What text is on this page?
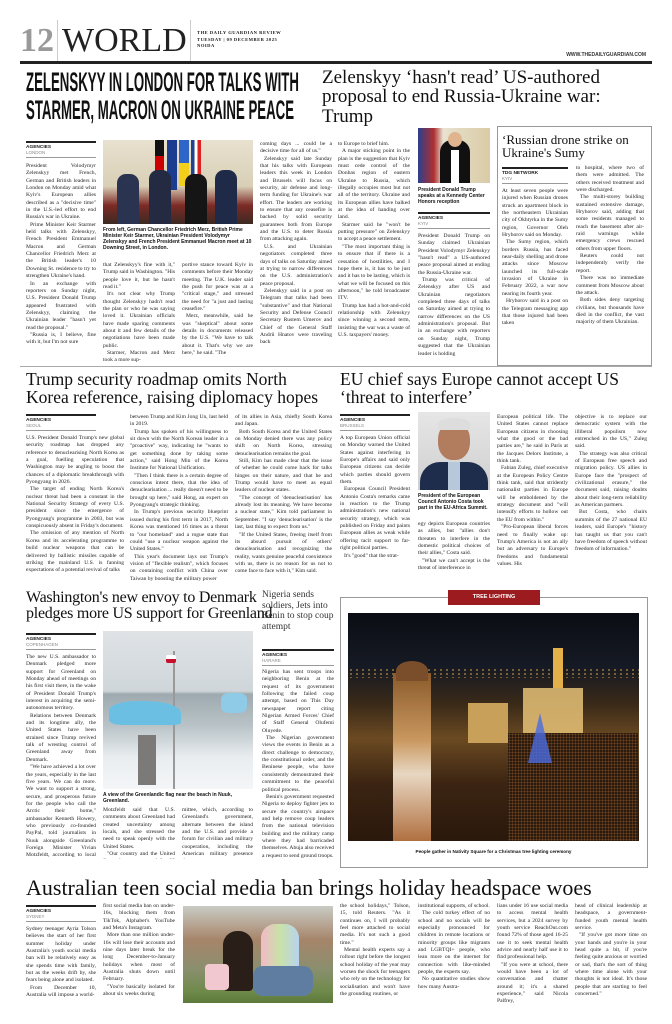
12 WORLD THE DAILY GUARDIAN REVIEW
TUESDAY | 09 DECEMBER 2025
NOIDA
WWW.THEDAILYGUARDIAN.COM
ZELENSKYY IN LONDON FOR TALKS WITH
STARMER, MACRON ON UKRAINE PEACE
AGENCIES
LONDON

President Volodymyr Zelenskyy met French, German and British leaders in London on Monday amid what Kyiv's European allies described as a "decisive time" in the U.S.-led effort to end Russia's war in Ukraine.

Prime Minister Keir Starmer held talks with Zelenskyy, French President Emmanuel Macron and German Chancellor Friedrich Merz at the British leader's 10 Downing St. residence to try to strengthen Ukraine's hand.

In an exchange with reporters on Sunday night, U.S. President Donald Trump appeared frustrated with Zelenskyy, claiming the Ukrainian leader "hasn't yet read the proposal."

"Russia is, I believe, fine with it, but I'm not sure

From left, German Chancellor Friedrich Merz, British Prime Minister Keir Starmer, Ukrainian President Volodymyr Zelenskyy and French President Emmanuel Macron meet at 10 Downing Street, in London.

that Zelenskyy's fine with it," Trump said in Washington. "His people love it, but he hasn't read it."

It's not clear why Trump thought Zelenskyy hadn't read the plan or who he was saying loved it. Ukrainian officials have made sparing comments about it and few details of the negotiations have been made public.

Starmer, Macron and Merz took a more sup-

portive stance toward Kyiv in comments before their Monday meeting. The U.K. leader said the push for peace was at a "critical stage," and stressed the need for "a just and lasting ceasefire."

Merz, meanwhile, said he was "skeptical" about some details in documents released by the U.S. "We have to talk about it. That's why we are here," he said. "The

coming days ... could be a decisive time for all of us."

Zelenskyy said late Sunday that his talks with European leaders this week in London and Brussels will focus on security, air defense and long-term funding for Ukraine's war effort. The leaders are working to ensure that any ceasefire is backed by solid security guarantees both from Europe and the U.S. to deter Russia from attacking again.

U.S. and Ukrainian negotiators completed three days of talks on Saturday aimed at trying to narrow differences on the U.S. administration's peace proposal.

Zelenskyy said in a post on Telegram that talks had been "substantive" and that National Security and Defense Council Secretary Rustem Umerov and Chief of the General Staff Andrii Hnatov were traveling back

to Europe to brief him.

A major sticking point in the plan is the suggestion that Kyiv must cede control of the Donbas region of eastern Ukraine to Russia, which illegally occupies most but not all of the territory. Ukraine and its European allies have balked at the idea of handing over land.

Starmer said he "won't be putting pressure" on Zelenskyy to accept a peace settlement.

"The most important thing is to ensure that if there is a cessation of hostilities, and I hope there is, it has to be just and it has to be lasting, which is what we will be focused on this afternoon," he told broadcaster ITV.

Trump has had a hot-and-cold relationship with Zelenskyy since winning a second term, insisting the war was a waste of U.S. taxpayers' money.

Zelenskyy ‘hasn't read’ US-authored proposal to end Russia-Ukraine war: Trump
President Donald Trump speaks at a Kennedy Center Honors reception
AGENCIES
KYIV

President Donald Trump on Sunday claimed Ukrainian President Volodymyr Zelenskyy "hasn't read" a US-authored peace proposal aimed at ending the Russia-Ukraine war.

Trump was critical of Zelenskyy after US and Ukrainian negotiators completed three days of talks on Saturday aimed at trying to narrow differences on the US administration's proposal. But in an exchange with reporters on Sunday night, Trump suggested that the Ukrainian leader is holding

‘Russian drone strike on Ukraine's Sumy
TDG NETWORK
KYIV

At least seven people were injured when Russian drones struck an apartment block in the northeastern Ukrainian city of Okhtyrka in the Sumy region, Governor Oleh Hryhorov said on Monday.

The Sumy region, which borders Russia, has faced near-daily shelling and drone attacks since Moscow launched its full-scale invasion of Ukraine in February 2022, a war now nearing its fourth year.

Hryhorov said in a post on the Telegram messaging app that those injured had been taken

to hospital, where two of them were admitted. The others received treatment and were discharged.

The multi-storey building sustained extensive damage, Hryhorov said, adding that some residents managed to reach the basement after air-raid warnings while emergency crews rescued others from upper floors.

Reuters could not independently verify the report.

There was no immediate comment from Moscow about the attack.

Both sides deny targeting civilians, but thousands have died in the conflict, the vast majority of them Ukrainian.

Trump security roadmap omits North Korea reference, raising diplomacy hopes
AGENCIES
SEOUL

U.S. President Donald Trump's new global security roadmap has dropped any reference to denuclearising North Korea as a goal, fuelling speculation that Washington may be angling to boost the chances of a diplomatic breakthrough with Pyongyang in 2026.

The target of ending North Korea's nuclear threat had been a constant in the National Security Strategy of every U.S. president since the emergence of Pyongyang's programme in 2003, but was conspicuously absent in Friday's document.

The omission of any mention of North Korea and its accelerating programme to build nuclear weapons that can be delivered by ballistic missiles capable of striking the mainland U.S. is fanning expectations of a potential revival of talks

between Trump and Kim Jong Un, last held in 2019.

Trump has spoken of his willingness to sit down with the North Korean leader in a "proactive" way, indicating he "wants to get something done by taking some action," said Hong Min of the Korea Institute for National Unification.

"Then I think there is a certain degree of conscious intent there, that the idea of denuclearisation ... really doesn't need to be brought up here," said Hong, an expert on Pyongyang's strategic thinking.

In Trump's previous security blueprint issued during his first term in 2017, North Korea was mentioned 16 times as a threat to "our homeland" and a rogue state that could "use a nuclear weapon against the United States."

This year's document lays out Trump's vision of "flexible realism", which focuses on containing conflict with China over Taiwan by boosting the military power

of its allies in Asia, chiefly South Korea and Japan.

Both South Korea and the United States on Monday denied there was any policy shift on North Korea, stressing denuclearisation remains the goal.

Still, Kim has made clear that the issue of whether he could come back for talks hinges on their nature, and that he and Trump would have to meet as equal leaders of nuclear states.

"The concept of 'denuclearisation' has already lost its meaning. We have become a nuclear state," Kim told parliament in September. "I say 'denuclearisation' is the last, last thing to expect from us."

"If the United States, freeing itself from its absurd pursuit of others' denuclearisation and recognizing the reality, wants genuine peaceful coexistence with us, there is no reason for us not to come face to face with it," Kim said.

EU chief says Europe cannot accept US ‘threat to interfere’
AGENCIES
BRUSSELS

A top European Union official on Monday warned the United States against interfering in Europe's affairs and said only European citizens can decide which parties should govern them.

European Council President Antonio Costa's remarks came in reaction to the Trump administration's new national security strategy, which was published on Friday and paints European allies as weak while offering tacit support to far-right political parties.

It's "good" that the strat-

President of the European Council Antonio Costa took part in the EU-Africa Summit.

egy depicts European countries as allies, but "allies don't threaten to interfere in the domestic political choices of their allies," Costa said.

"What we can't accept is the threat of interference in

European political life. The United States cannot replace European citizens in choosing what the good or the bad parties are," he said in Paris at the Jacques Delors Institute, a think tank.

Fabian Zuleg, chief executive at the European Policy Centre think tank, said that stridently nationalist parties in Europe will be emboldened by the strategy document and "will intensify efforts to hollow out the EU from within."

"Pro-European liberal forces need to finally wake up: Trump's America is not an ally but an adversary to Europe's freedoms and fundamental values. His

objective is to replace our democratic system with the illiberal populism now entrenched in the US," Zuleg said.

The strategy was also critical of European free speech and migration policy. US allies in Europe face the "prospect of civilizational erasure," the document said, raising doubts about their long-term reliability as American partners.

But Costa, who chairs summits of the 27 national EU leaders, said Europe's "history has taught us that you can't have freedom of speech without freedom of information."

Washington's new envoy to Denmark pledges more US support for Greenland
AGENCIES
COPENHAGEN

The new U.S. ambassador to Denmark pledged more support for Greenland on Monday ahead of meetings on his first visit there, in the wake of President Donald Trump's interest in acquiring the semi-autonomous territory.

Relations between Denmark and its longtime ally, the United States have been strained since Trump revived talk of wresting control of Greenland away from Denmark.

"We have achieved a lot over the years, especially in the last five years. We can do more. We want to support a strong, secure, and prosperous future for the people who call the Arctic their home," ambassador Kenneth Howery, who previously co-founded PayPal, told journalists in Nuuk alongside Greenland's Foreign Minister Vivian Motzfeldt, according to local

A view of the Greenlandic flag near the beach in Nuuk, Greenland.

Motzfeldt said that U.S. comments about Greenland had created uncertainty among locals, and she stressed the need to speak openly with the United States.

"Our country and the United

mittee, which, according to Greenland's government, alternate between the island and the U.S. and provide a forum for civilian and military cooperation, including the American military presence

Nigeria sends soldiers, Jets into Benin to stop coup attempt
AGENCIES
HARARE

Nigeria has sent troops into neighboring Benin at the request of its government following the failed coup attempt, based on This Day newspaper report citing Nigerian Armed Forces' Chief of Staff General Olufemi Oluyede.

The Nigerian government views the events in Benin as a direct challenge to democracy, the constitutional order, and the Beninese people, who have consistently demonstrated their commitment to the peaceful political process.

Benin's government requested Nigeria to deploy fighter jets to secure the country's airspace and help remove coup leaders from the national television building and the military camp where they had barricaded themselves. Abuja also received a request to send ground troops.

TREE LIGHTING
People gather in Nativity Square for a Christmas tree lighting ceremony
Australian teen social media ban brings holiday headspace woes
AGENCIES
SYDNEY

Sydney teenager Ayria Tolson believes the start of her first summer holiday under Australia's youth social media ban will be relatively easy as she spends time with family, but as the weeks drift by, she fears being alone and isolated.

From December 10, Australia will impose a world-

first social media ban on under-16s, blocking them from TikTok, Alphabet's YouTube and Meta's Instagram.

More than one million under-16s will lose their accounts and nine days later break for the long December-to-January holidays when most of Australia shuts down until February.

"You're basically isolated for about six weeks during

the school holidays," Tolson, 15, told Reuters. "As it continues on, I will probably feel more attached to social media. It's not such a good time."

Mental health experts say a rollout right before the longest school holiday of the year may worsen the shock for teenagers who rely on the technology for socialisation and won't have the grounding routines, or

institutional supports, of school.

The cold turkey effect of no school and no socials will be especially pronounced for children in remote locations or minority groups like migrants and LGBTQI+ people, who lean more on the internet for connection with like-minded people, the experts say.

No quantitative studies show how many Austra-

lians under 16 use social media to access mental health services, but a 2024 survey by youth service ReachOut.com found 72% of those aged 16-25 use it to seek mental health advice and nearly half use it to find professional help.

"If you were at school, there would have been a lot of conversation and chatter around it; it's a shared experience," said Nicola Palfrey,

head of clinical leadership at headspace, a government-funded youth mental health service.

"If you've got more time on your hands and you're in your head quite a bit, if you're feeling quite anxious or worried or sad, that's the sort of thing where time alone with your thoughts is not ideal. It's those people that are starting to feel concerned."
